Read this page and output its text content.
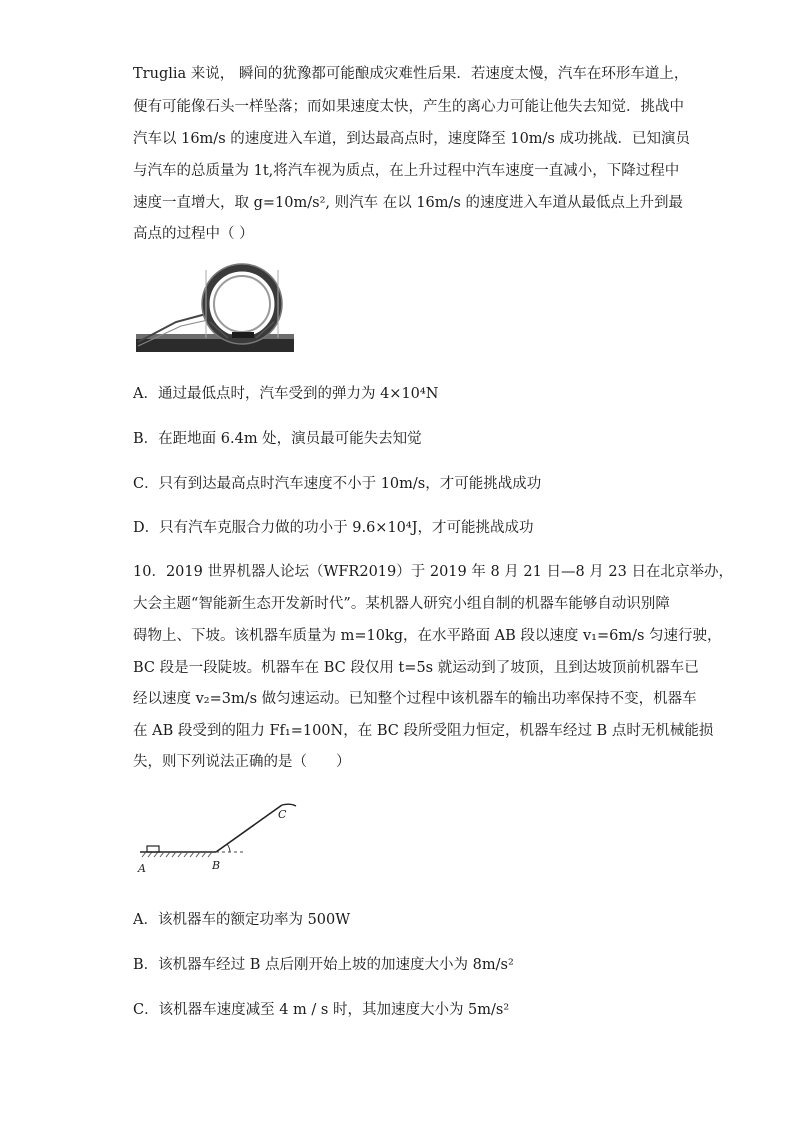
Truglia 来说， 瞬间的犹豫都可能酿成灾难性后果．若速度太慢，汽车在环形车道上，
便有可能像石头一样坠落；而如果速度太快，产生的离心力可能让他失去知觉．挑战中
汽车以 16m/s 的速度进入车道，到达最高点时，速度降至 10m/s 成功挑战．已知演员
与汽车的总质量为 1t,将汽车视为质点，在上升过程中汽车速度一直减小，下降过程中
速度一直增大，取 g=10m/s², 则汽车 在以 16m/s 的速度进入车道从最低点上升到最
高点的过程中（ ）
A．通过最低点时，汽车受到的弹力为 4×10⁴N
B．在距地面 6.4m 处，演员最可能失去知觉
C．只有到达最高点时汽车速度不小于 10m/s，才可能挑战成功
D．只有汽车克服合力做的功小于 9.6×10⁴J，才可能挑战成功
10．2019 世界机器人论坛（WFR2019）于 2019 年 8 月 21 日—8 月 23 日在北京举办，
大会主题“智能新生态开发新时代”。某机器人研究小组自制的机器车能够自动识别障
碍物上、下坡。该机器车质量为 m=10kg，在水平路面 AB 段以速度 v₁=6m/s 匀速行驶，
BC 段是一段陡坡。机器车在 BC 段仅用 t=5s 就运动到了坡顶，且到达坡顶前机器车已
经以速度 v₂=3m/s 做匀速运动。已知整个过程中该机器车的输出功率保持不变，机器车
在 AB 段受到的阻力 Ff₁=100N，在 BC 段所受阻力恒定，机器车经过 B 点时无机械能损
失，则下列说法正确的是（　　）
A	B
C
A．该机器车的额定功率为 500W
B．该机器车经过 B 点后刚开始上坡的加速度大小为 8m/s²
C．该机器车速度减至 4 m / s 时，其加速度大小为 5m/s²
